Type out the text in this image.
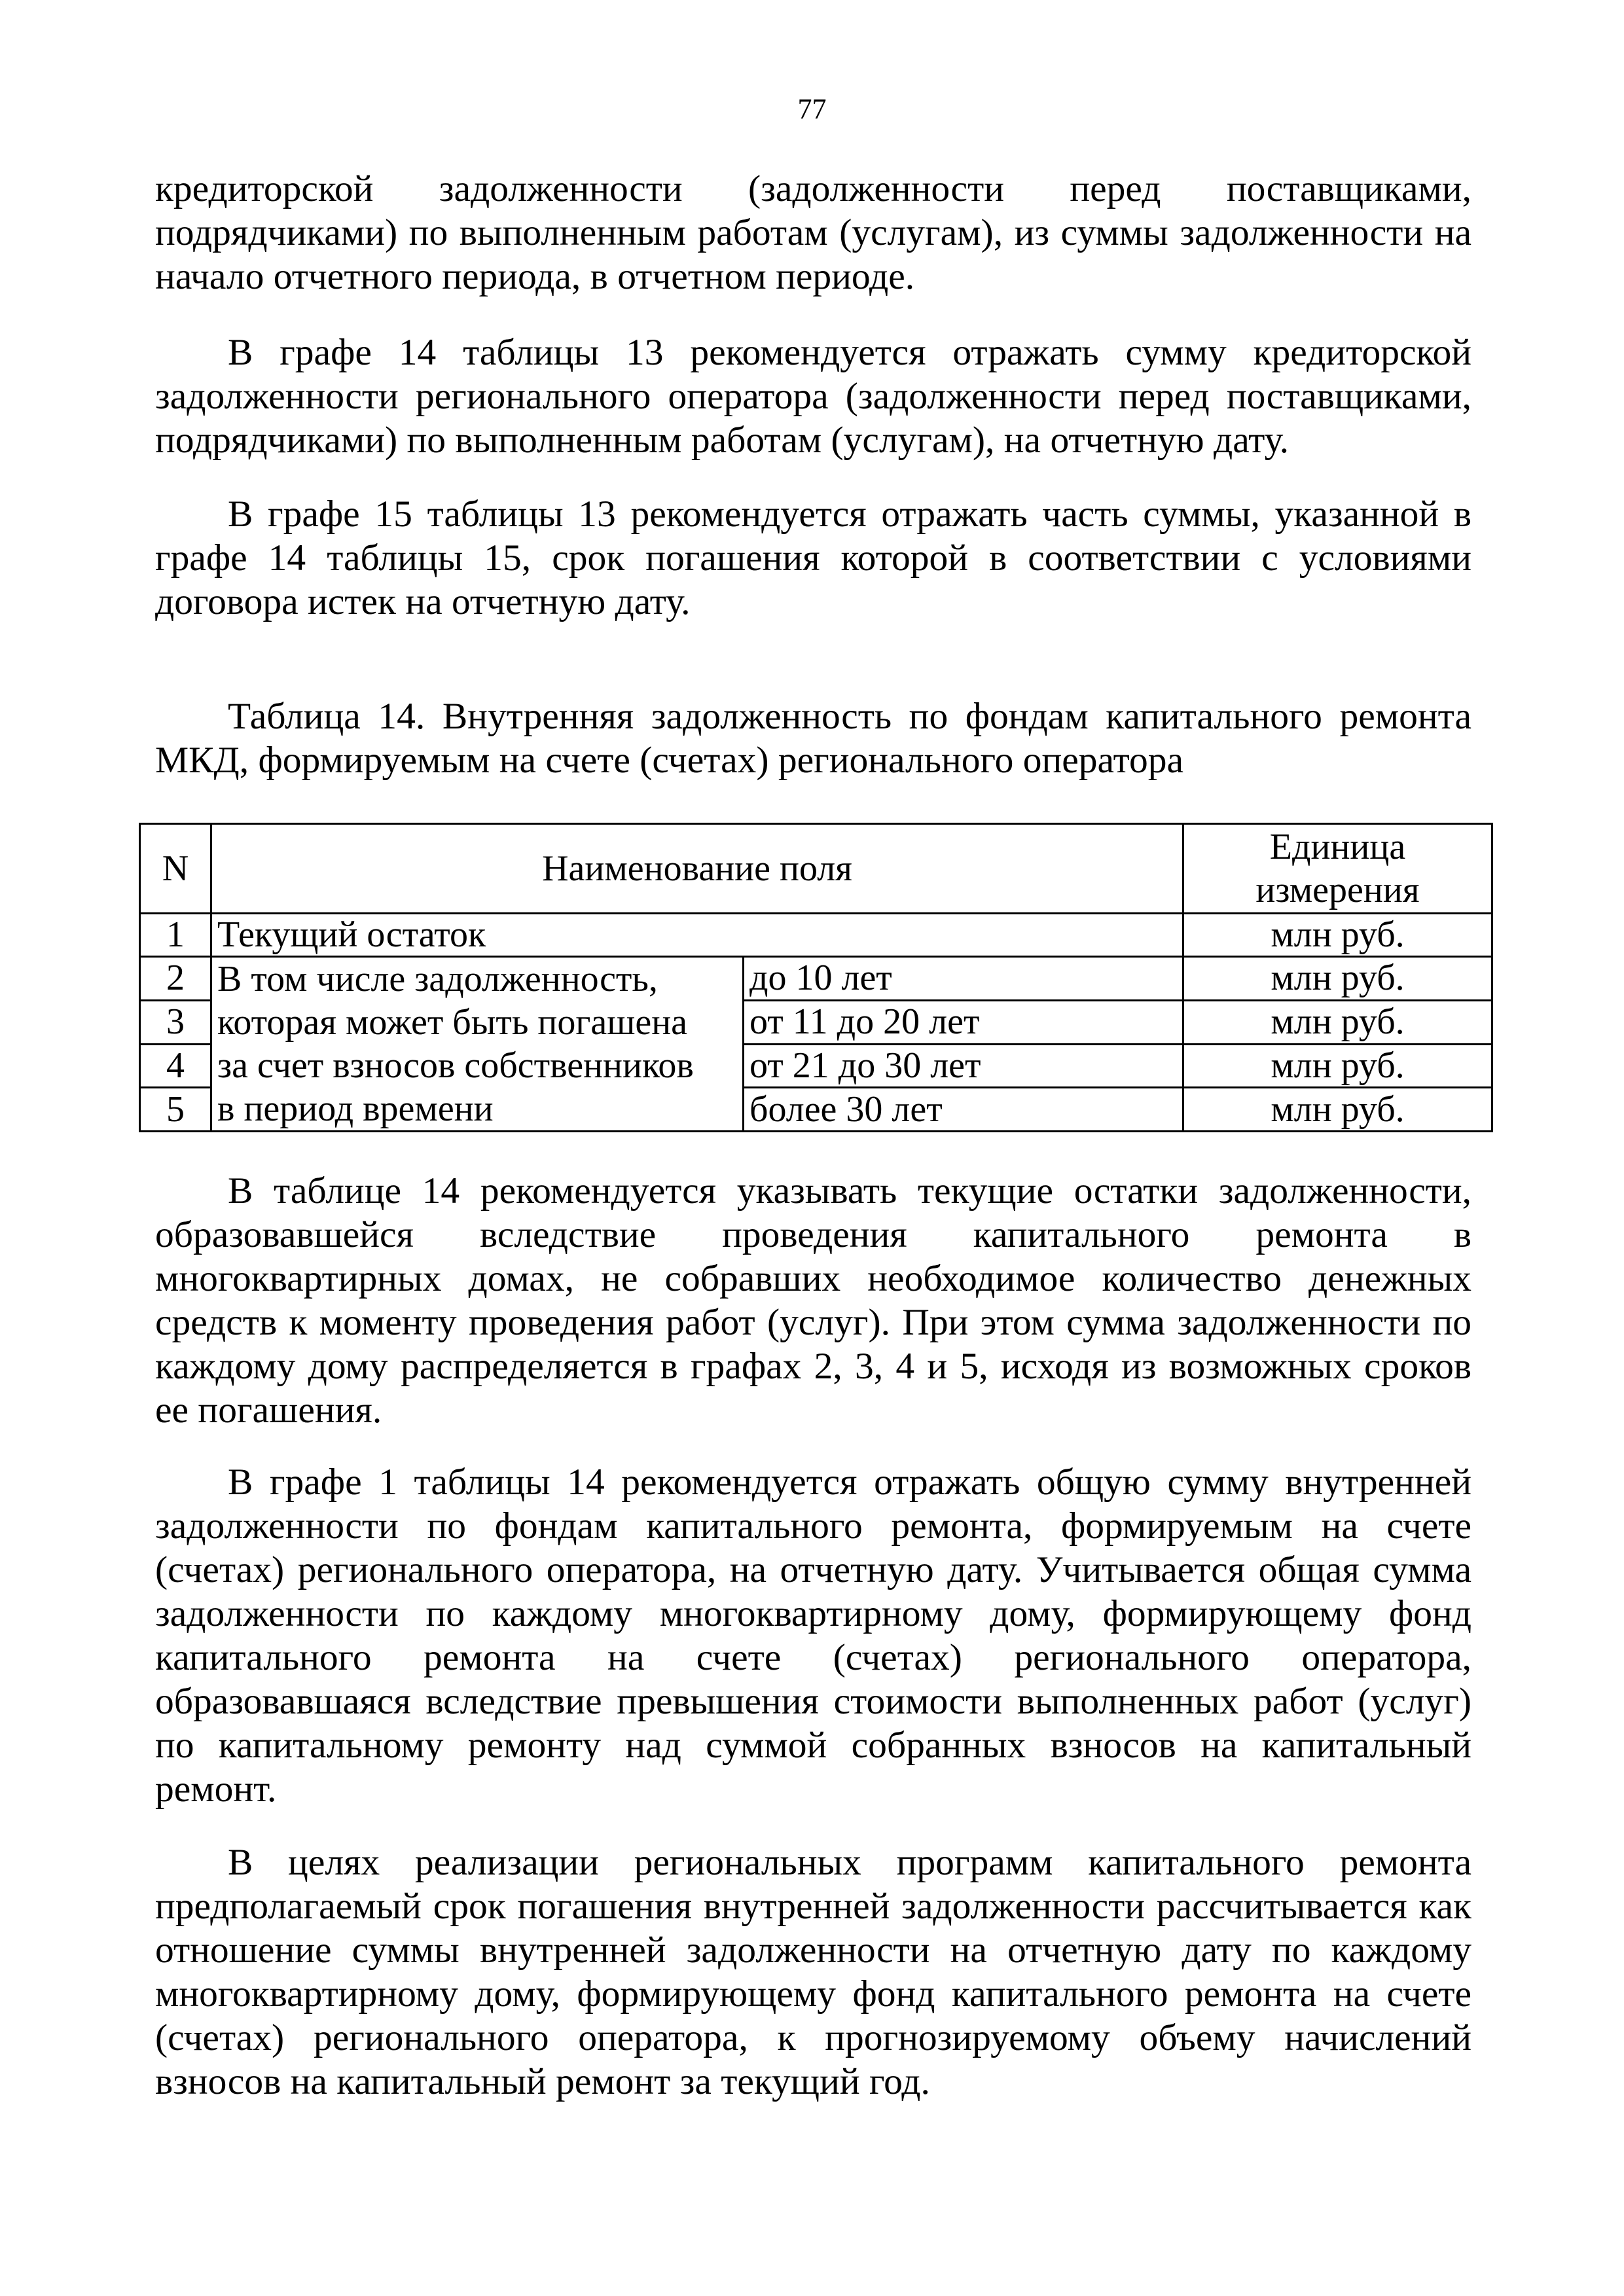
77

кредиторской задолженности (задолженности перед поставщиками, подрядчиками) по выполненным работам (услугам), из суммы задолженности на начало отчетного периода, в отчетном периоде.

В графе 14 таблицы 13 рекомендуется отражать сумму кредиторской задолженности регионального оператора (задолженности перед поставщиками, подрядчиками) по выполненным работам (услугам), на отчетную дату.

В графе 15 таблицы 13 рекомендуется отражать часть суммы, указанной в графе 14 таблицы 15, срок погашения которой в соответствии с условиями договора истек на отчетную дату.

Таблица 14. Внутренняя задолженность по фондам капитального ремонта МКД, формируемым на счете (счетах) регионального оператора

N	Наименование поля		Единица
измерения

1	Текущий остаток		млн руб.
2	В том числе задолженность,
которая может быть погашена
за счет взносов собственников
в период времени	до 10 лет	млн руб.
3		от 11 до 20 лет	млн руб.
4		от 21 до 30 лет	млн руб.
5		более 30 лет	млн руб.

В таблице 14 рекомендуется указывать текущие остатки задолженности, образовавшейся вследствие проведения капитального ремонта в многоквартирных домах, не собравших необходимое количество денежных средств к моменту проведения работ (услуг). При этом сумма задолженности по каждому дому распределяется в графах 2, 3, 4 и 5, исходя из возможных сроков ее погашения.

В графе 1 таблицы 14 рекомендуется отражать общую сумму внутренней задолженности по фондам капитального ремонта, формируемым на счете (счетах) регионального оператора, на отчетную дату. Учитывается общая сумма задолженности по каждому многоквартирному дому, формирующему фонд капитального ремонта на счете (счетах) регионального оператора, образовавшаяся вследствие превышения стоимости выполненных работ (услуг) по капитальному ремонту над суммой собранных взносов на капитальный ремонт.

В целях реализации региональных программ капитального ремонта предполагаемый срок погашения внутренней задолженности рассчитывается как отношение суммы внутренней задолженности на отчетную дату по каждому многоквартирному дому, формирующему фонд капитального ремонта на счете (счетах) регионального оператора, к прогнозируемому объему начислений взносов на капитальный ремонт за текущий год.
